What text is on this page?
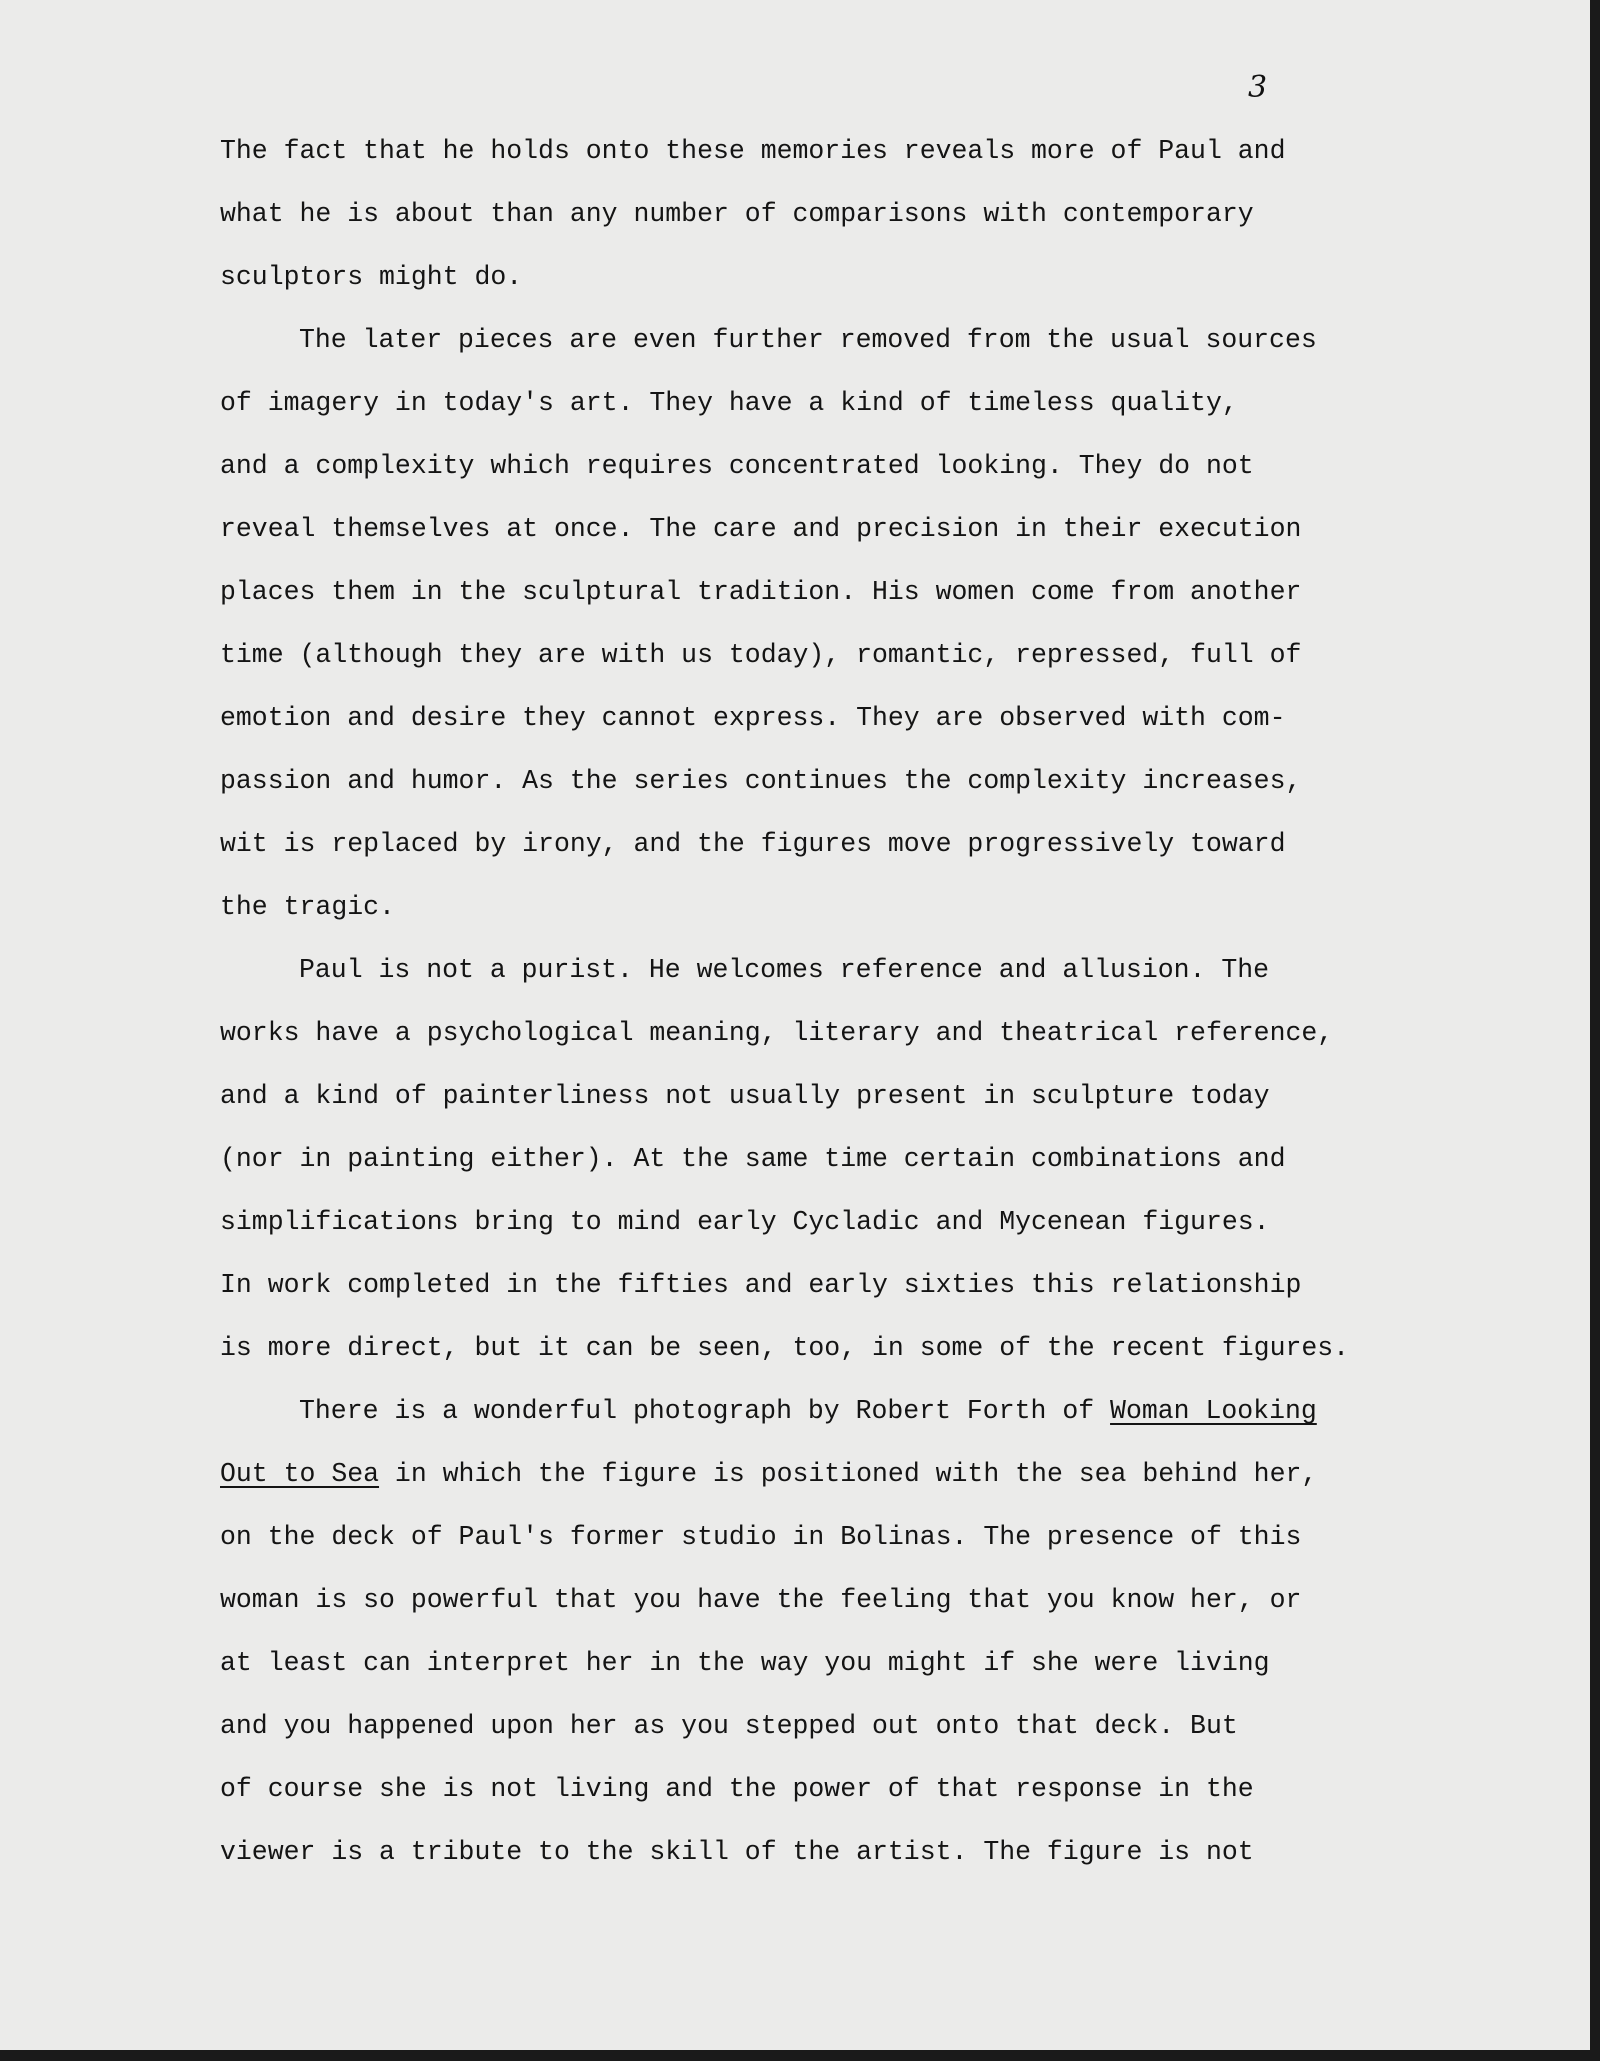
3
The fact that he holds onto these memories reveals more of Paul and
what he is about than any number of comparisons with contemporary
sculptors might do.
The later pieces are even further removed from the usual sources
of imagery in today's art. They have a kind of timeless quality,
and a complexity which requires concentrated looking. They do not
reveal themselves at once. The care and precision in their execution
places them in the sculptural tradition. His women come from another
time (although they are with us today), romantic, repressed, full of
emotion and desire they cannot express. They are observed with com-
passion and humor. As the series continues the complexity increases,
wit is replaced by irony, and the figures move progressively toward
the tragic.
Paul is not a purist. He welcomes reference and allusion. The
works have a psychological meaning, literary and theatrical reference,
and a kind of painterliness not usually present in sculpture today
(nor in painting either). At the same time certain combinations and
simplifications bring to mind early Cycladic and Mycenean figures.
In work completed in the fifties and early sixties this relationship
is more direct, but it can be seen, too, in some of the recent figures.
There is a wonderful photograph by Robert Forth of Woman Looking
Out to Sea in which the figure is positioned with the sea behind her,
on the deck of Paul's former studio in Bolinas. The presence of this
woman is so powerful that you have the feeling that you know her, or
at least can interpret her in the way you might if she were living
and you happened upon her as you stepped out onto that deck. But
of course she is not living and the power of that response in the
viewer is a tribute to the skill of the artist. The figure is not
